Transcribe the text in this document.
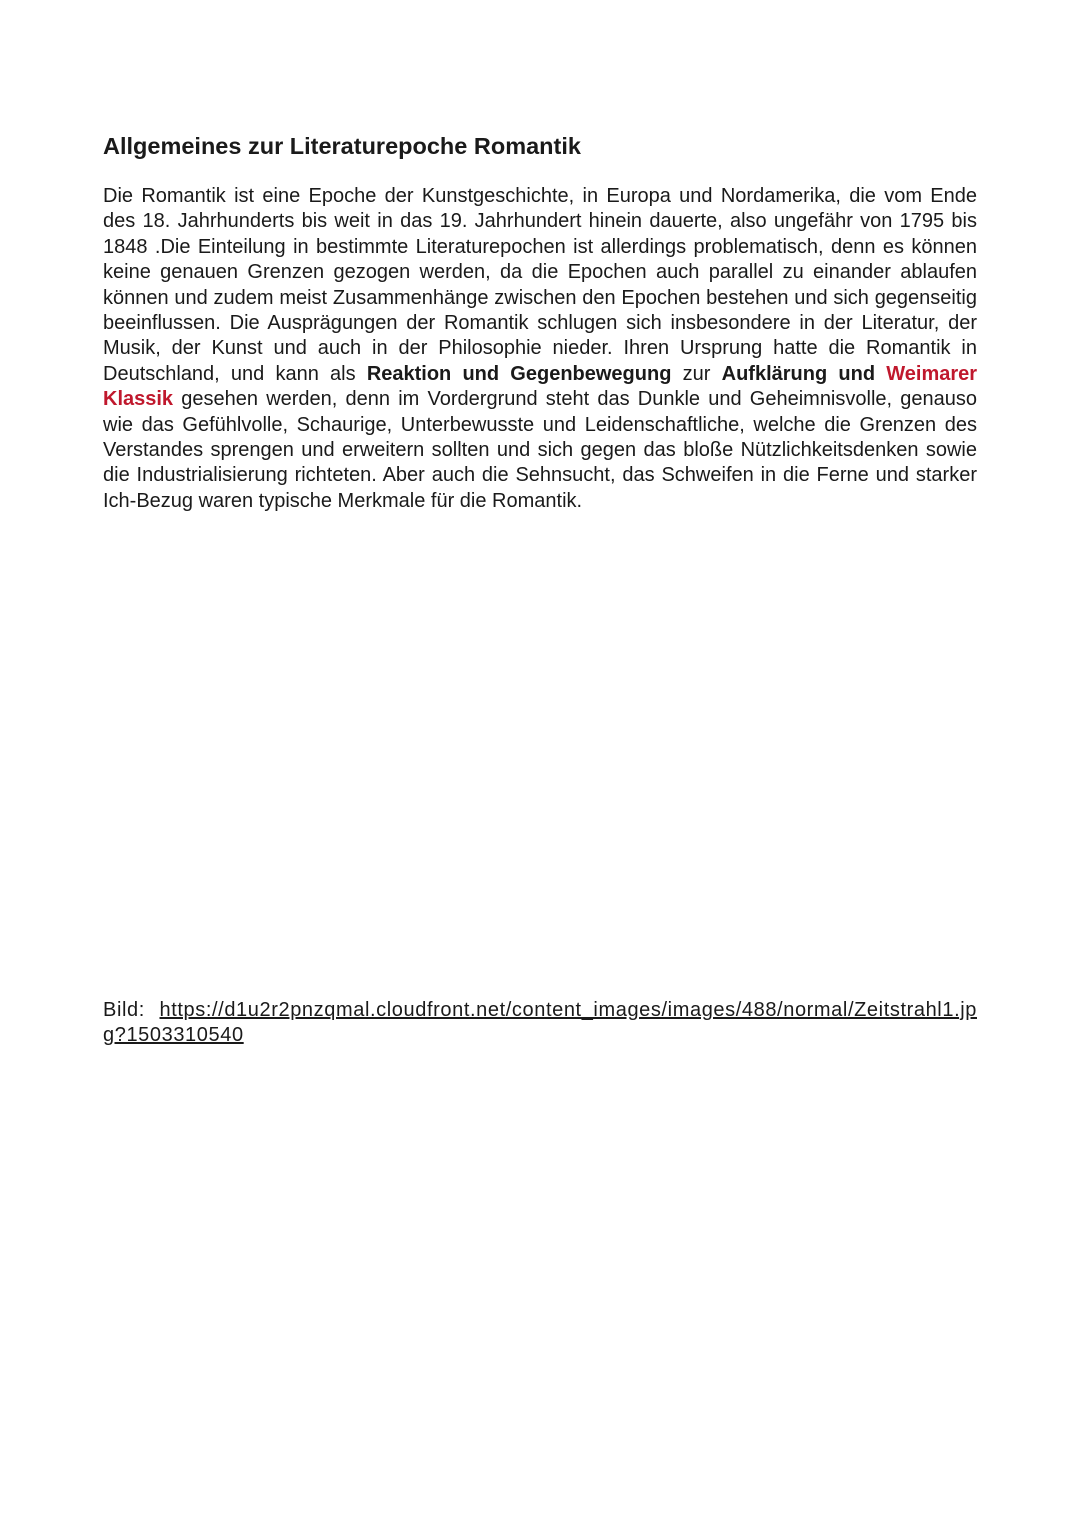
Allgemeines zur Literaturepoche Romantik

Die Romantik ist eine Epoche der Kunstgeschichte, in Europa und Nordamerika, die vom Ende des 18. Jahrhunderts bis weit in das 19. Jahrhundert hinein dauerte, also ungefähr von 1795 bis 1848 .Die Einteilung in bestimmte Literaturepochen ist allerdings problematisch, denn es können keine genauen Grenzen gezogen werden, da die Epochen auch parallel zu einander ablaufen können und zudem meist Zusammenhänge zwischen den Epochen bestehen und sich gegenseitig beeinflussen. Die Ausprägungen der Romantik schlugen sich insbesondere in der Literatur, der Musik, der Kunst und auch in der Philosophie nieder. Ihren Ursprung hatte die Romantik in Deutschland, und kann als Reaktion und Gegenbewegung zur Aufklärung und Weimarer Klassik gesehen werden, denn im Vordergrund steht das Dunkle und Geheimnisvolle, genauso wie das Gefühlvolle, Schaurige, Unterbewusste und Leidenschaftliche, welche die Grenzen des Verstandes sprengen und erweitern sollten und sich gegen das bloße Nützlichkeitsdenken sowie die Industrialisierung richteten. Aber auch die Sehnsucht, das Schweifen in die Ferne und starker Ich-Bezug waren typische Merkmale für die Romantik.

Bild: https://d1u2r2pnzqmal.cloudfront.net/content_images/images/488/normal/Zeitstrahl1.jpg?1503310540
